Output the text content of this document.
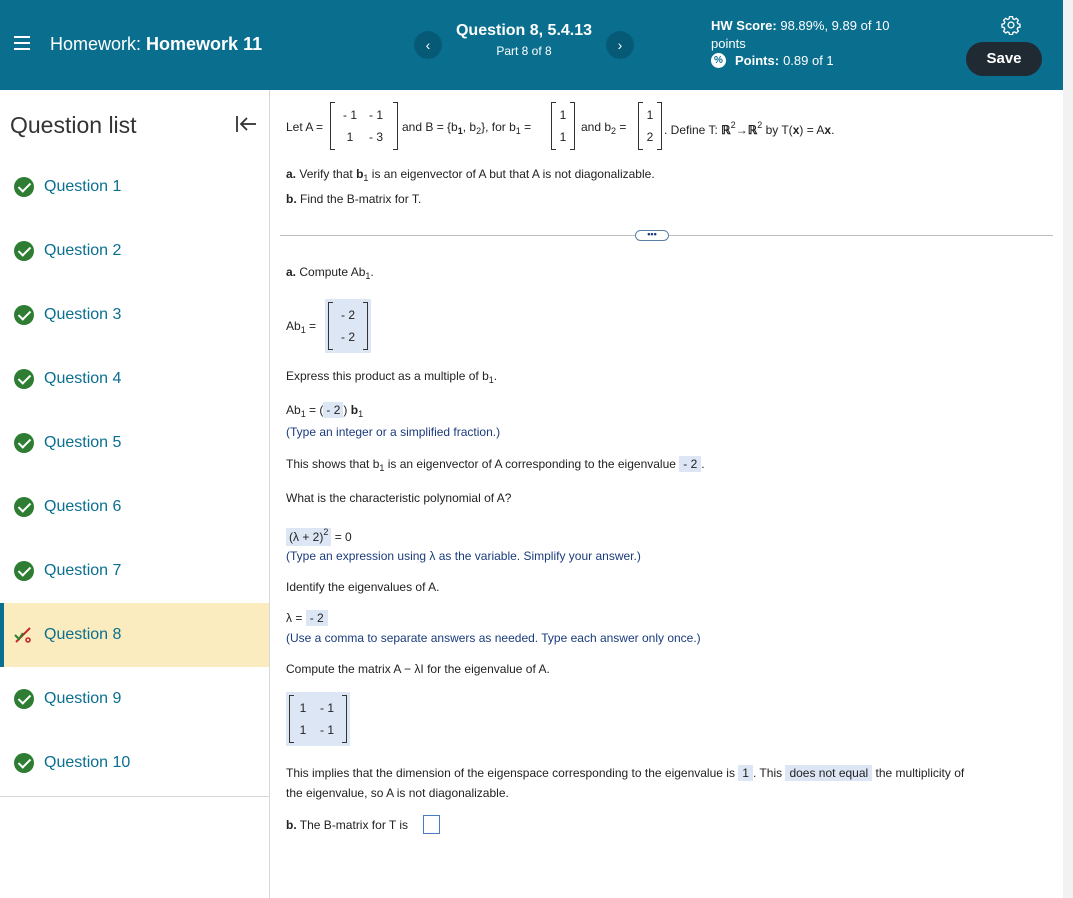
Homework: Homework 11	‹
Question 8, 5.4.13
Part 8 of 8	›
HW Score: 98.89%, 9.89 of 10
points
% Points: 0.89 of 1	Save
Question list
Question 1
Question 2
Question 3
Question 4
Question 5
Question 6
Question 7
Question 8
Question 9
Question 10
Let A =
- 1 - 1
1	- 3
and $B = \{b_1$, $b_2$}, for $b_1$ =
1
1
and $b_2$ =
1
2 . Define T: ℝ$^2$→ℝ$^2$ by T(x) = Ax.
a. Verify that $b_1$ is an eigenvector of A but that A is not diagonalizable.
b. Find the B-matrix for T.
•••
a. Compute $Ab_1$.
$Ab_1$ =
- 2
- 2
Express this product as a multiple of $b_1$.
$Ab_1$ = ( - 2 ) $b_1$
(Type an integer or a simplified fraction.)
This shows that $b_1$ is an eigenvector of A corresponding to the eigenvalue - 2 .
What is the characteristic polynomial of A?
$(\lambda + 2)^2 = 0$
(Type an expression using λ as the variable. Simplify your answer.)
Identify the eigenvalues of A.
λ = - 2
(Use a comma to separate answers as needed. Type each answer only once.)
Compute the matrix A − λI for the eigenvalue of A.
1	- 1
1	- 1
This implies that the dimension of the eigenspace corresponding to the eigenvalue is 1 . This does not equal the multiplicity of
the eigenvalue, so A is not diagonalizable.
b. The B-matrix for T is
